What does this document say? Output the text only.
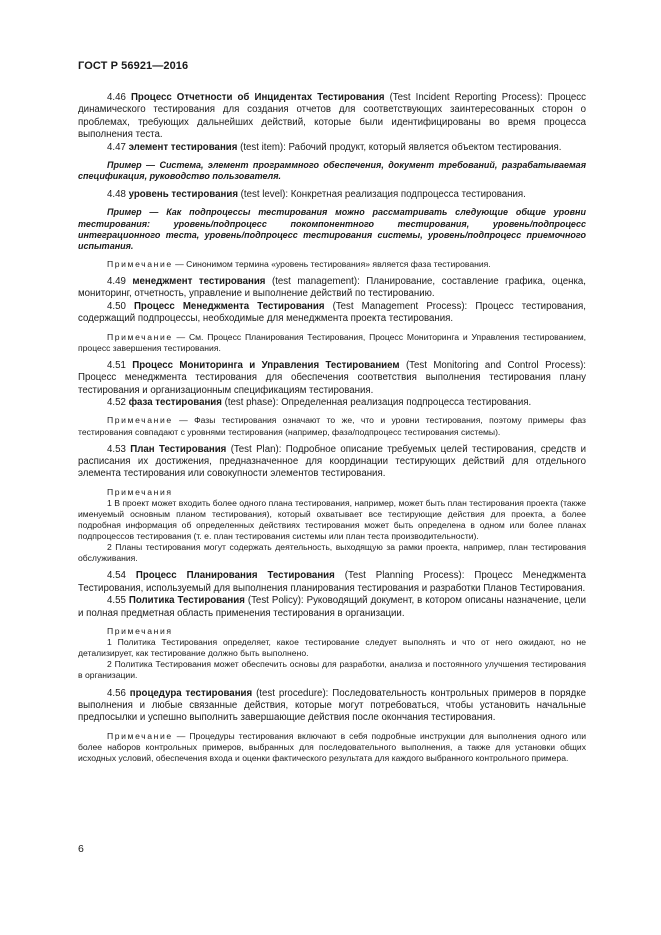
ГОСТ Р 56921—2016

4.46 Процесс Отчетности об Инцидентах Тестирования (Test Incident Reporting Process): Процесс динамического тестирования для создания отчетов для соответствующих заинтересованных сторон о проблемах, требующих дальнейших действий, которые были идентифицированы во время процесса выполнения теста.

4.47 элемент тестирования (test item): Рабочий продукт, который является объектом тестирования.

Пример — Система, элемент программного обеспечения, документ требований, разрабатываемая спецификация, руководство пользователя.

4.48 уровень тестирования (test level): Конкретная реализация подпроцесса тестирования.

Пример — Как подпроцессы тестирования можно рассматривать следующие общие уровни тестирования: уровень/подпроцесс покомпонентного тестирования, уровень/подпроцесс интеграционного теста, уровень/подпроцесс тестирования системы, уровень/подпроцесс приемочного испытания.

Примечание — Синонимом термина «уровень тестирования» является фаза тестирования.

4.49 менеджмент тестирования (test management): Планирование, составление графика, оценка, мониторинг, отчетность, управление и выполнение действий по тестированию.

4.50 Процесс Менеджмента Тестирования (Test Management Process): Процесс тестирования, содержащий подпроцессы, необходимые для менеджмента проекта тестирования.

Примечание — См. Процесс Планирования Тестирования, Процесс Мониторинга и Управления тестированием, процесс завершения тестирования.

4.51 Процесс Мониторинга и Управления Тестированием (Test Monitoring and Control Process): Процесс менеджмента тестирования для обеспечения соответствия выполнения тестирования плану тестирования и организационным спецификациям тестирования.

4.52 фаза тестирования (test phase): Определенная реализация подпроцесса тестирования.

Примечание — Фазы тестирования означают то же, что и уровни тестирования, поэтому примеры фаз тестирования совпадают с уровнями тестирования (например, фаза/подпроцесс тестирования системы).

4.53 План Тестирования (Test Plan): Подробное описание требуемых целей тестирования, средств и расписания их достижения, предназначенное для координации тестирующих действий для отдельного элемента тестирования или совокупности элементов тестирования.

Примечания

1 В проект может входить более одного плана тестирования, например, может быть план тестирования проекта (также именуемый основным планом тестирования), который охватывает все тестирующие действия для проекта, а более подробная информация об определенных действиях тестирования может быть определена в одном или более планах подпроцессов тестирования (т. е. план тестирования системы или план теста производительности).

2 Планы тестирования могут содержать деятельность, выходящую за рамки проекта, например, план тестирования обслуживания.

4.54 Процесс Планирования Тестирования (Test Planning Process): Процесс Менеджмента Тестирования, используемый для выполнения планирования тестирования и разработки Планов Тестирования.

4.55 Политика Тестирования (Test Policy): Руководящий документ, в котором описаны назначение, цели и полная предметная область применения тестирования в организации.

Примечания

1 Политика Тестирования определяет, какое тестирование следует выполнять и что от него ожидают, но не детализирует, как тестирование должно быть выполнено.

2 Политика Тестирования может обеспечить основы для разработки, анализа и постоянного улучшения тестирования в организации.

4.56 процедура тестирования (test procedure): Последовательность контрольных примеров в порядке выполнения и любые связанные действия, которые могут потребоваться, чтобы установить начальные предпосылки и успешно выполнить завершающие действия после окончания тестирования.

Примечание — Процедуры тестирования включают в себя подробные инструкции для выполнения одного или более наборов контрольных примеров, выбранных для последовательного выполнения, а также для установки общих исходных условий, обеспечения входа и оценки фактического результата для каждого выбранного контрольного примера.

6
